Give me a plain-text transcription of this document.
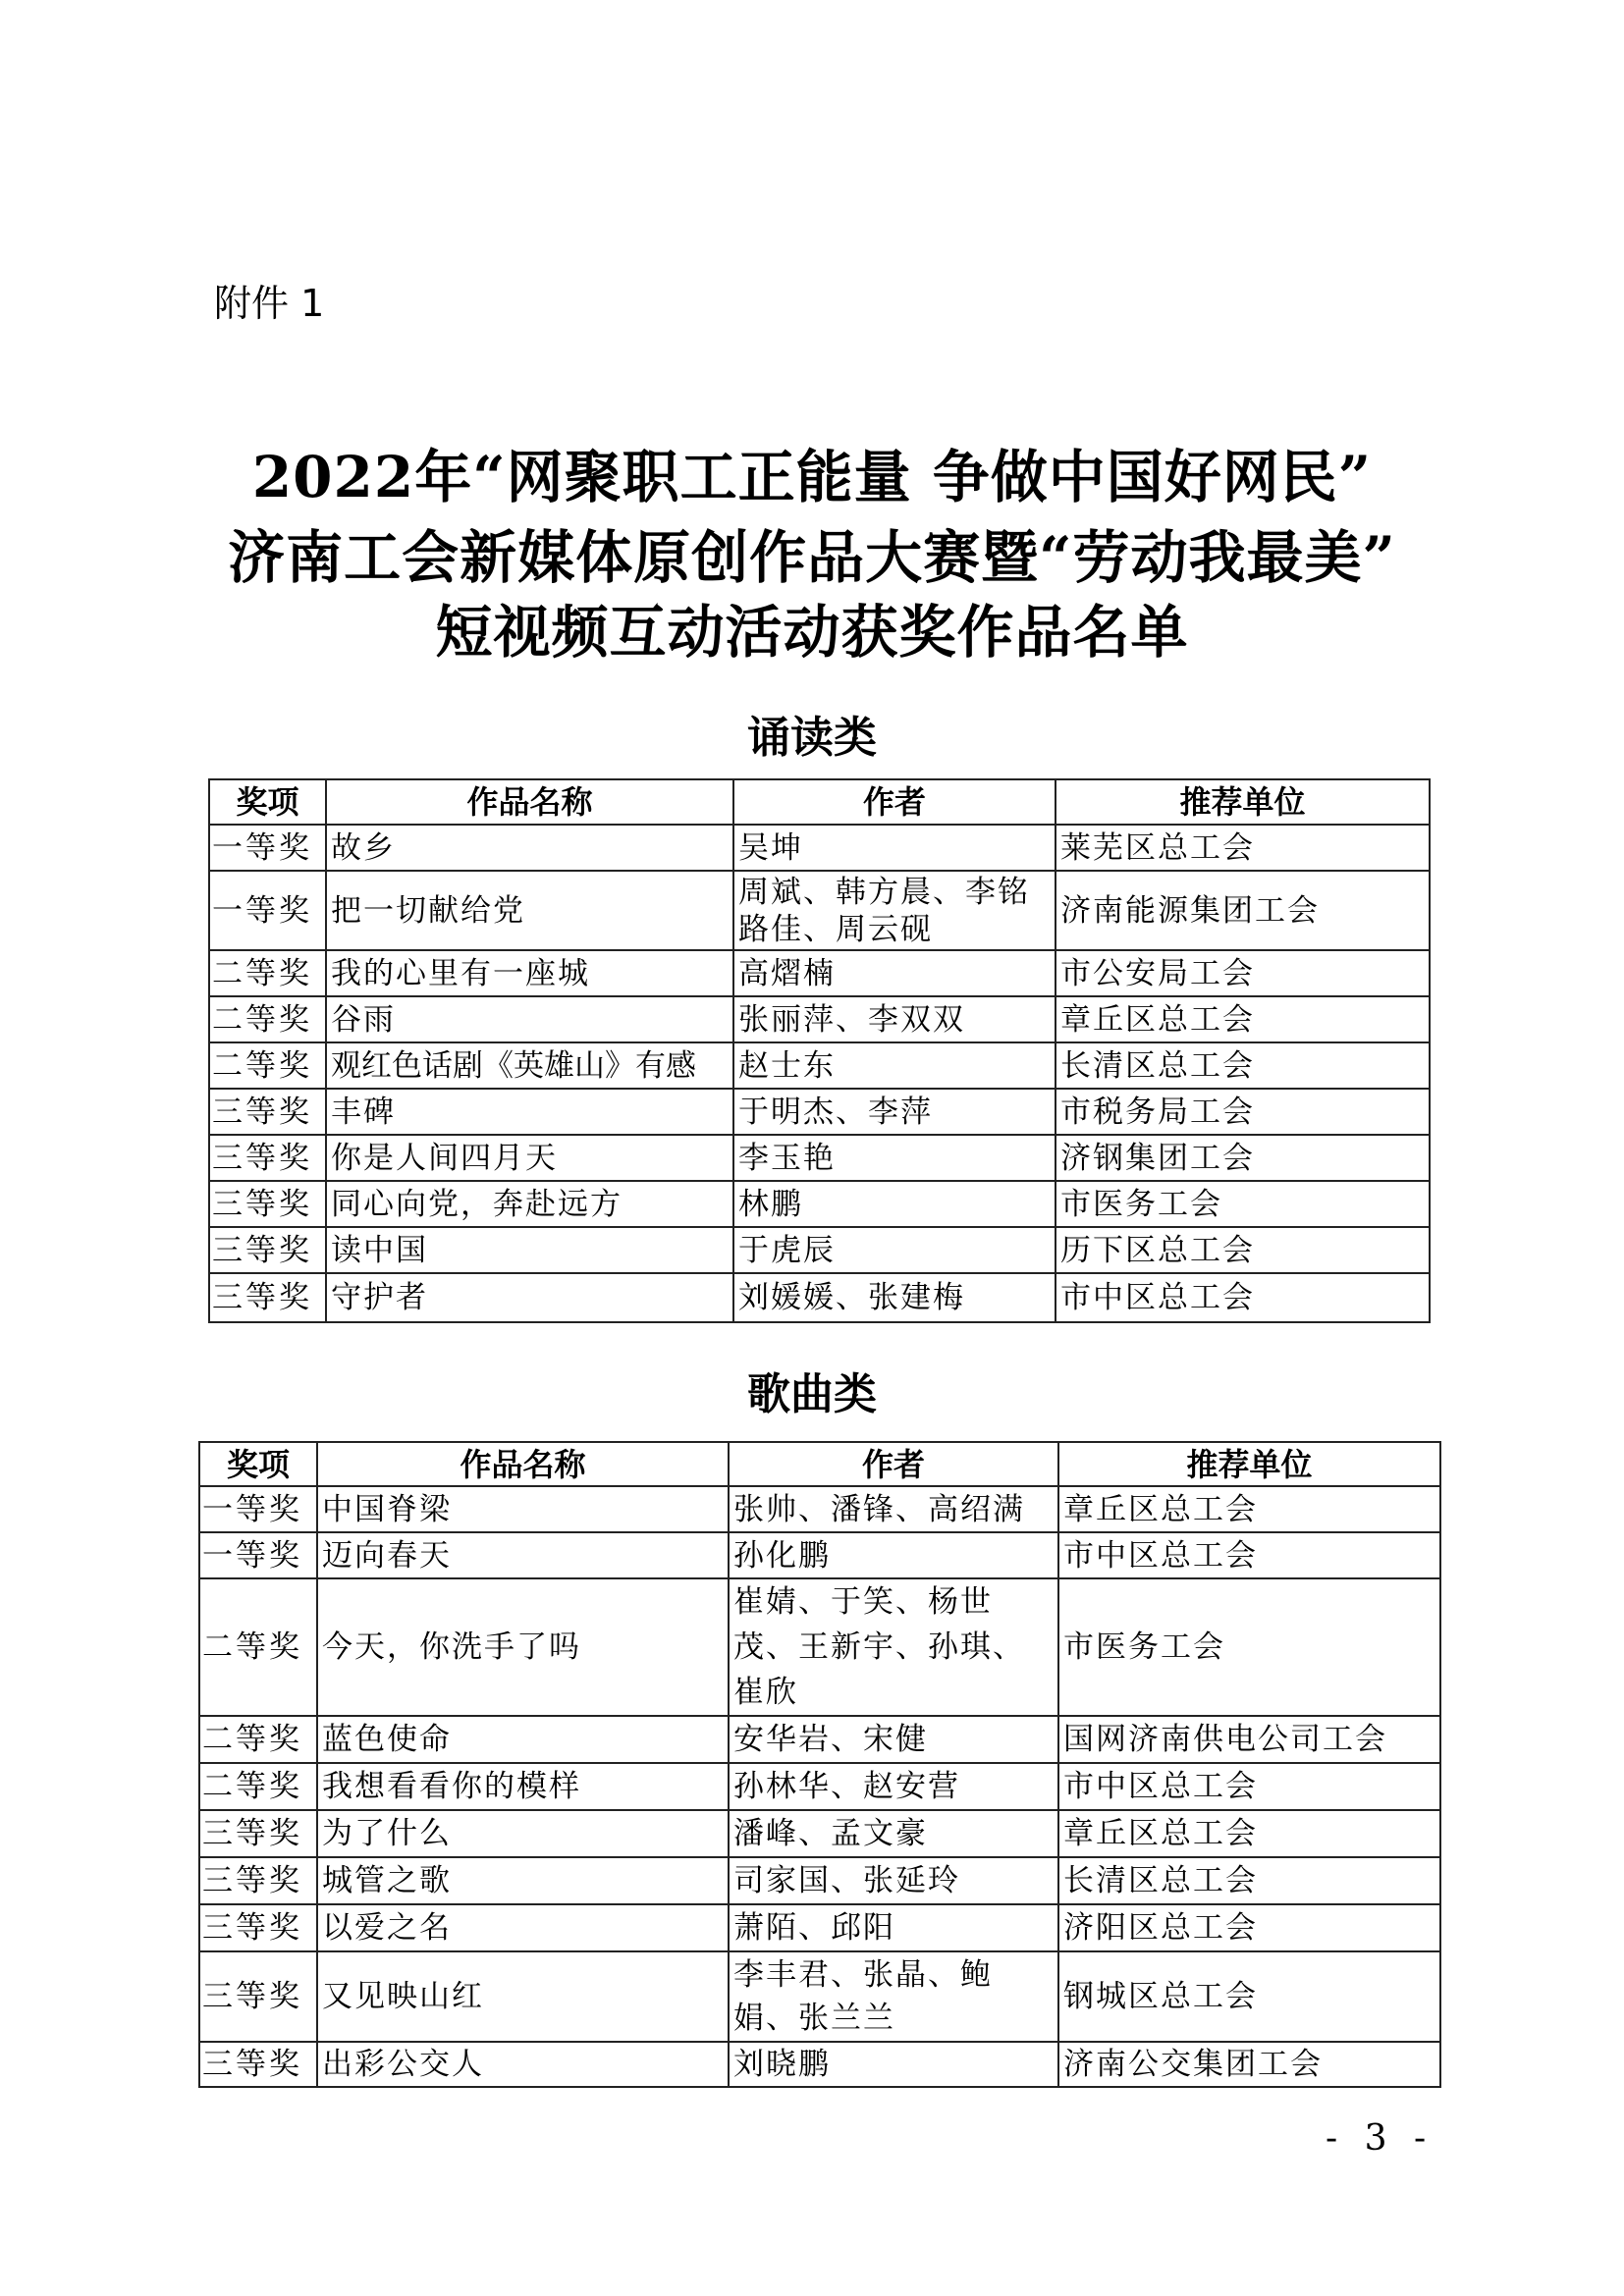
附件 1
2022年“网聚职工正能量 争做中国好网民”
济南工会新媒体原创作品大赛暨“劳动我最美”
短视频互动活动获奖作品名单
诵读类
奖项	作品名称	作者	推荐单位
一等奖	故乡	吴坤	莱芜区总工会
一等奖	把一切献给党	周斌、韩方晨、李铭路佳、周云砚	济南能源集团工会
二等奖	我的心里有一座城	高熠楠	市公安局工会
二等奖	谷雨	张丽萍、李双双	章丘区总工会
二等奖	观红色话剧《英雄山》有感	赵士东	长清区总工会
三等奖	丰碑	于明杰、李萍	市税务局工会
三等奖	你是人间四月天	李玉艳	济钢集团工会
三等奖	同心向党，奔赴远方	林鹏	市医务工会
三等奖	读中国	于虎辰	历下区总工会
三等奖	守护者	刘媛媛、张建梅	市中区总工会
歌曲类
奖项	作品名称	作者	推荐单位
一等奖	中国脊梁	张帅、潘锋、高绍满	章丘区总工会
一等奖	迈向春天	孙化鹏	市中区总工会
二等奖	今天，你洗手了吗	崔婧、于笑、杨世茂、王新宇、孙琪、崔欣	市医务工会
二等奖	蓝色使命	安华岩、宋健	国网济南供电公司工会
二等奖	我想看看你的模样	孙林华、赵安营	市中区总工会
三等奖	为了什么	潘峰、孟文豪	章丘区总工会
三等奖	城管之歌	司家国、张延玲	长清区总工会
三等奖	以爱之名	萧陌、邱阳	济阳区总工会
三等奖	又见映山红	李丰君、张晶、鲍娟、张兰兰	钢城区总工会
三等奖	出彩公交人	刘晓鹏	济南公交集团工会
- 3 -
